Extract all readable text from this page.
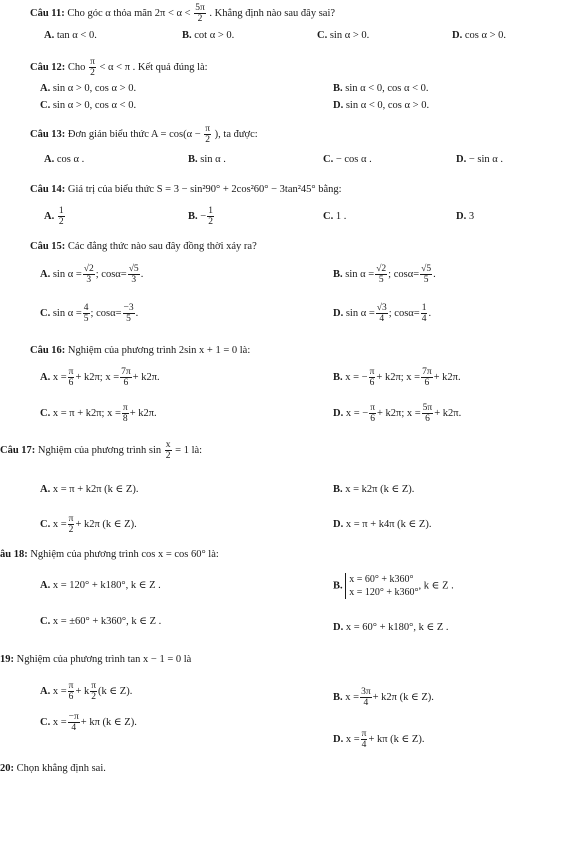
Câu 11: Cho góc α thỏa mãn $2\pi < \alpha < \frac{5\pi}{2}$ . Khẳng định nào sau đây sai?
A. tan α < 0.	B. cot α > 0.	C. sin α > 0.	D. cos α > 0.
Câu 12: Cho $\frac{\pi}{2} < \alpha < \pi$ . Kết quả đúng là:
A. sin α > 0, cos α > 0.	B. sin α < 0, cos α < 0.
C. sin α > 0, cos α < 0.	D. sin α < 0, cos α > 0.
Câu 13: Đơn giản biểu thức $A = \cos(\alpha - \frac{\pi}{2}$ ), ta được:
A. cos α .	B. sin α .	C. − cos α .	D. − sin α .
Câu 14: Giá trị của biểu thức S = 3 − sin²90° + 2cos²60° − 3tan²45° bằng:
A. $\frac{1}{2}$	B. − $\frac{1}{2}$	C. 1 .	D. 3
Câu 15: Các đẳng thức nào sau đây đồng thời xảy ra?
A. $\sin \alpha = \frac{√2}{3}$ ; $\cos\alpha= \frac{√5}{3}$ .	B. $\sin \alpha = \frac{√2}{5}$ ; $\cos\alpha= \frac{√5}{5}$ .
C. $\sin \alpha = \frac{4}{5}$ ; $\cos\alpha= \frac{-3}{5}$ .	D. $\sin \alpha = \frac{√3}{4}$ ; $\cos\alpha= \frac{1}{4}$ .
Câu 16: Nghiệm của phương trình 2sin x + 1 = 0 là:
A. $x = \frac{\pi}{6} + k2\pi$; $x = \frac{7\pi}{6} + k2\pi$.	B. x = − $\frac{\pi}{6} + k2\pi$; $x = \frac{7\pi}{6} + k2\pi$.
C. x = π + k2π; $x = \frac{\pi}{8} + k2\pi$.	D. x = − $\frac{\pi}{6} + k2\pi$; $x = \frac{5\pi}{6} + k2\pi$.
Câu 17: Nghiệm của phương trình $\sin \frac{x}{2} = 1$ là:
A. x = π + k2π (k ∈ Z).	B. x = k2π (k ∈ Z).
C. $x = \frac{\pi}{2} + k2\pi$ (k ∈ Z).	D. x = π + k4π (k ∈ Z).
âu 18: Nghiệm của phương trình cos x = cos 60° là:
A. x = 120° + k180°, k ∈ Z .	B.
x = 60° + k360°
x = 120° + k360°
, k ∈ Z .
C. x = ±60° + k360°, k ∈ Z .
D. x = 60° + k180°, k ∈ Z .
19: Nghiệm của phương trình tan x − 1 = 0 là
A. $x = \frac{\pi}{6} + k \frac{\pi}{2} (k$ ∈ Z).
B. $x = \frac{3\pi}{4} + k2\pi$ (k ∈ Z).
C. $x = \frac{-\pi}{4} + k\pi$ (k ∈ Z).
D. $x = \frac{\pi}{4} + k\pi$ (k ∈ Z).
20: Chọn khẳng định sai.
